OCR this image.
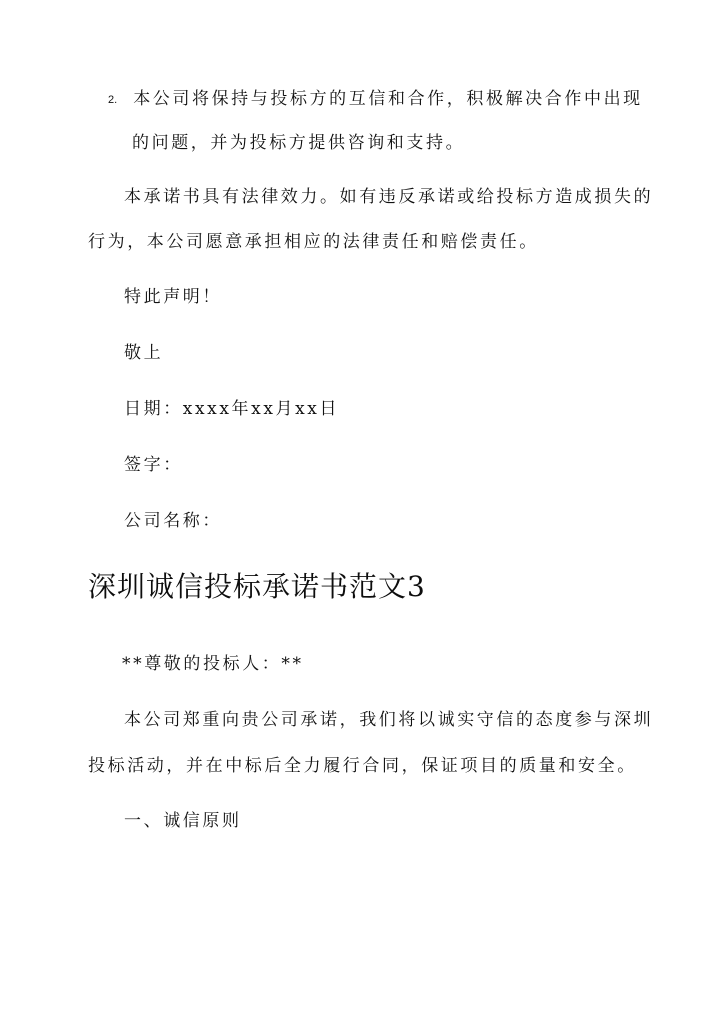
2. 本公司将保持与投标方的互信和合作，积极解决合作中出现
的问题，并为投标方提供咨询和支持。
本承诺书具有法律效力。如有违反承诺或给投标方造成损失的
行为，本公司愿意承担相应的法律责任和赔偿责任。
特此声明！
敬上
日期：xxxx年xx月xx日
签字：
公司名称：
深圳诚信投标承诺书范文3
**尊敬的投标人：**
本公司郑重向贵公司承诺，我们将以诚实守信的态度参与深圳
投标活动，并在中标后全力履行合同，保证项目的质量和安全。
一、诚信原则
